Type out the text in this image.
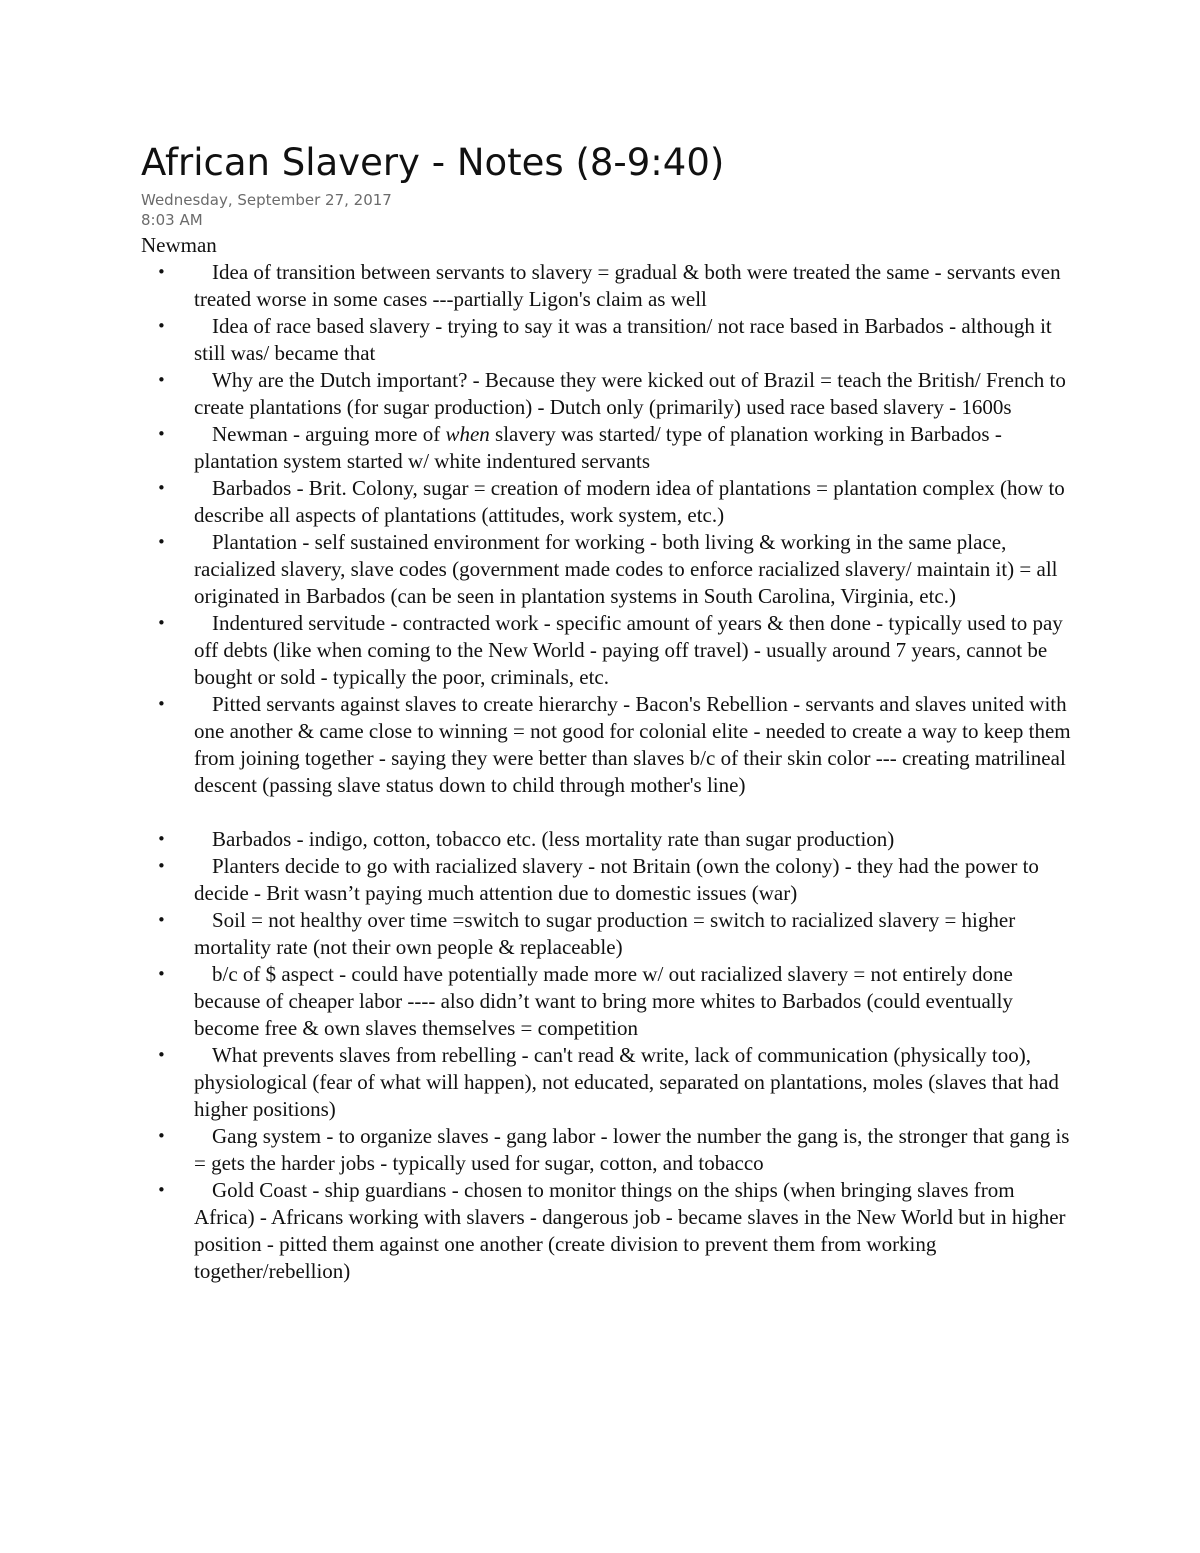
African Slavery - Notes (8-9:40)

Wednesday, September 27, 2017

8:03 AM

Newman

• Idea of transition between servants to slavery = gradual & both were treated the same - servants even treated worse in some cases ---partially Ligon's claim as well
• Idea of race based slavery - trying to say it was a transition/ not race based in Barbados - although it still was/ became that
• Why are the Dutch important? - Because they were kicked out of Brazil = teach the British/ French to create plantations (for sugar production) - Dutch only (primarily) used race based slavery - 1600s
• Newman - arguing more of when slavery was started/ type of planation working in Barbados - plantation system started w/ white indentured servants
• Barbados - Brit. Colony, sugar = creation of modern idea of plantations = plantation complex (how to describe all aspects of plantations (attitudes, work system, etc.)
• Plantation - self sustained environment for working - both living & working in the same place, racialized slavery, slave codes (government made codes to enforce racialized slavery/ maintain it) = all originated in Barbados (can be seen in plantation systems in South Carolina, Virginia, etc.)
• Indentured servitude - contracted work - specific amount of years & then done - typically used to pay off debts (like when coming to the New World - paying off travel) - usually around 7 years, cannot be bought or sold - typically the poor, criminals, etc.
• Pitted servants against slaves to create hierarchy - Bacon's Rebellion - servants and slaves united with one another & came close to winning = not good for colonial elite - needed to create a way to keep them from joining together - saying they were better than slaves b/c of their skin color --- creating matrilineal descent (passing slave status down to child through mother's line)
• Barbados - indigo, cotton, tobacco etc. (less mortality rate than sugar production)
• Planters decide to go with racialized slavery - not Britain (own the colony) - they had the power to decide - Brit wasn’t paying much attention due to domestic issues (war)
• Soil = not healthy over time =switch to sugar production = switch to racialized slavery = higher mortality rate (not their own people & replaceable)
• b/c of $ aspect - could have potentially made more w/ out racialized slavery = not entirely done because of cheaper labor ---- also didn’t want to bring more whites to Barbados (could eventually become free & own slaves themselves = competition
• What prevents slaves from rebelling - can't read & write, lack of communication (physically too), physiological (fear of what will happen), not educated, separated on plantations, moles (slaves that had higher positions)
• Gang system - to organize slaves - gang labor - lower the number the gang is, the stronger that gang is = gets the harder jobs - typically used for sugar, cotton, and tobacco
• Gold Coast - ship guardians - chosen to monitor things on the ships (when bringing slaves from Africa) - Africans working with slavers - dangerous job - became slaves in the New World but in higher position - pitted them against one another (create division to prevent them from working together/rebellion)
